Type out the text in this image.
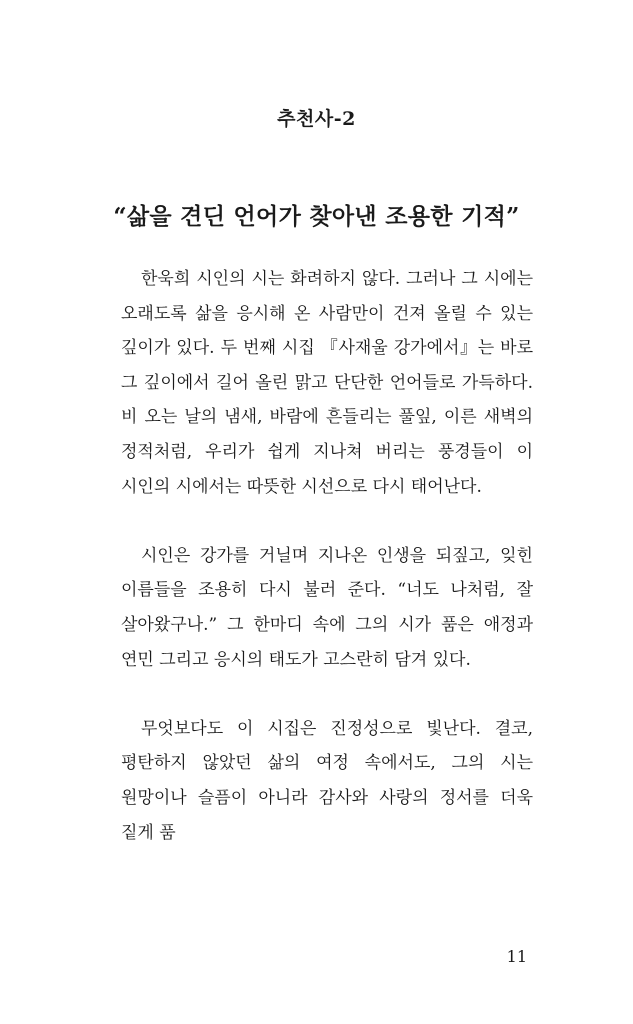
추천사-2
“삶을 견딘 언어가 찾아낸 조용한 기적”

한욱희 시인의 시는 화려하지 않다. 그러나 그 시에는 오래도록 삶을 응시해 온 사람만이 건져 올릴 수 있는 깊이가 있다. 두 번째 시집 『사재울 강가에서』는 바로 그 깊이에서 길어 올린 맑고 단단한 언어들로 가득하다. 비 오는 날의 냄새, 바람에 흔들리는 풀잎, 이른 새벽의 정적처럼, 우리가 쉽게 지나쳐 버리는 풍경들이 이 시인의 시에서는 따뜻한 시선으로 다시 태어난다.

시인은 강가를 거닐며 지나온 인생을 되짚고, 잊힌 이름들을 조용히 다시 불러 준다. “너도 나처럼, 잘 살아왔구나.” 그 한마디 속에 그의 시가 품은 애정과 연민 그리고 응시의 태도가 고스란히 담겨 있다.

무엇보다도 이 시집은 진정성으로 빛난다. 결코, 평탄하지 않았던 삶의 여정 속에서도, 그의 시는 원망이나 슬픔이 아니라 감사와 사랑의 정서를 더욱 짙게 품

11
